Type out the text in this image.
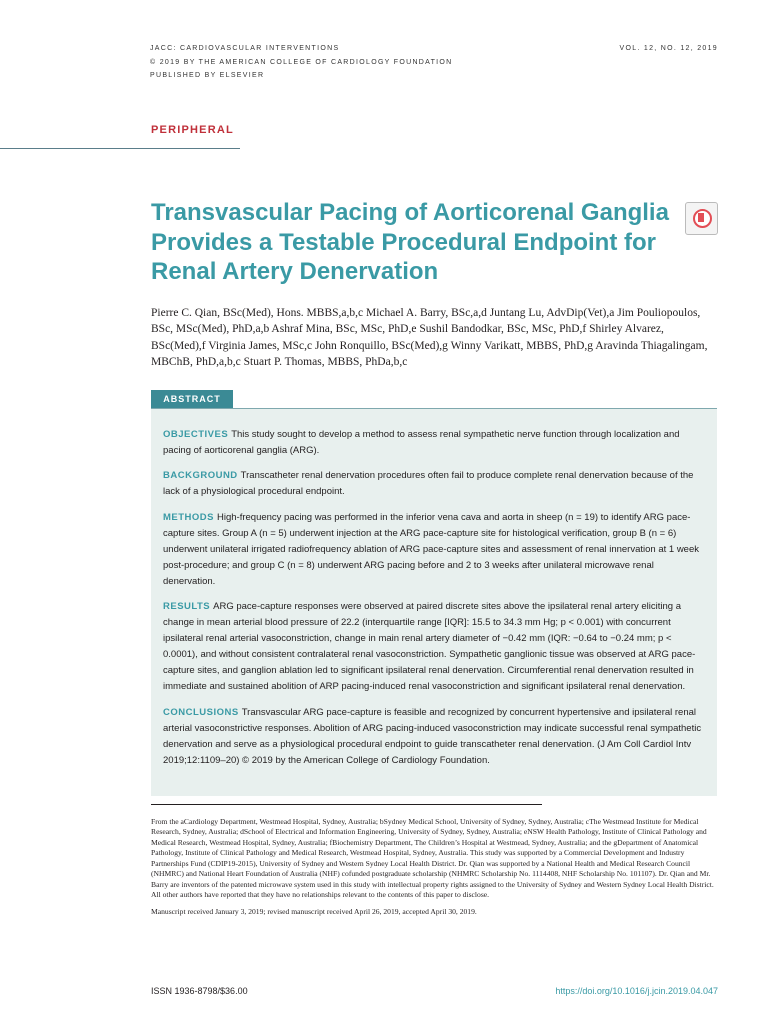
JACC: CARDIOVASCULAR INTERVENTIONS
© 2019 BY THE AMERICAN COLLEGE OF CARDIOLOGY FOUNDATION
PUBLISHED BY ELSEVIER
VOL. 12, NO. 12, 2019
PERIPHERAL
Transvascular Pacing of Aorticorenal Ganglia Provides a Testable Procedural Endpoint for Renal Artery Denervation
Pierre C. Qian, BSc(Med), Hons. MBBS,a,b,c Michael A. Barry, BSc,a,d Juntang Lu, AdvDip(Vet),a Jim Pouliopoulos, BSc, MSc(Med), PhD,a,b Ashraf Mina, BSc, MSc, PhD,e Sushil Bandodkar, BSc, MSc, PhD,f Shirley Alvarez, BSc(Med),f Virginia James, MSc,c John Ronquillo, BSc(Med),g Winny Varikatt, MBBS, PhD,g Aravinda Thiagalingam, MBChB, PhD,a,b,c Stuart P. Thomas, MBBS, PhDa,b,c
ABSTRACT

OBJECTIVES This study sought to develop a method to assess renal sympathetic nerve function through localization and pacing of aorticorenal ganglia (ARG).

BACKGROUND Transcatheter renal denervation procedures often fail to produce complete renal denervation because of the lack of a physiological procedural endpoint.

METHODS High-frequency pacing was performed in the inferior vena cava and aorta in sheep (n = 19) to identify ARG pace-capture sites. Group A (n = 5) underwent injection at the ARG pace-capture site for histological verification, group B (n = 6) underwent unilateral irrigated radiofrequency ablation of ARG pace-capture sites and assessment of renal innervation at 1 week post-procedure; and group C (n = 8) underwent ARG pacing before and 2 to 3 weeks after unilateral microwave renal denervation.

RESULTS ARG pace-capture responses were observed at paired discrete sites above the ipsilateral renal artery eliciting a change in mean arterial blood pressure of 22.2 (interquartile range [IQR]: 15.5 to 34.3 mm Hg; p < 0.001) with concurrent ipsilateral renal arterial vasoconstriction, change in main renal artery diameter of −0.42 mm (IQR: −0.64 to −0.24 mm; p < 0.0001), and without consistent contralateral renal vasoconstriction. Sympathetic ganglionic tissue was observed at ARG pace-capture sites, and ganglion ablation led to significant ipsilateral renal denervation. Circumferential renal denervation resulted in immediate and sustained abolition of ARP pacing-induced renal vasoconstriction and significant ipsilateral renal denervation.

CONCLUSIONS Transvascular ARG pace-capture is feasible and recognized by concurrent hypertensive and ipsilateral renal arterial vasoconstrictive responses. Abolition of ARG pacing-induced vasoconstriction may indicate successful renal sympathetic denervation and serve as a physiological procedural endpoint to guide transcatheter renal denervation. (J Am Coll Cardiol Intv 2019;12:1109–20) © 2019 by the American College of Cardiology Foundation.

From the aCardiology Department, Westmead Hospital, Sydney, Australia; bSydney Medical School, University of Sydney, Sydney, Australia; cThe Westmead Institute for Medical Research, Sydney, Australia; dSchool of Electrical and Information Engineering, University of Sydney, Sydney, Australia; eNSW Health Pathology, Institute of Clinical Pathology and Medical Research, Westmead Hospital, Sydney, Australia; fBiochemistry Department, The Children’s Hospital at Westmead, Sydney, Australia; and the gDepartment of Anatomical Pathology, Institute of Clinical Pathology and Medical Research, Westmead Hospital, Sydney, Australia. This study was supported by a Commercial Development and Industry Partnerships Fund (CDIP19-2015), University of Sydney and Western Sydney Local Health District. Dr. Qian was supported by a National Health and Medical Research Council (NHMRC) and National Heart Foundation of Australia (NHF) cofunded postgraduate scholarship (NHMRC Scholarship No. 1114408, NHF Scholarship No. 101107). Dr. Qian and Mr. Barry are inventors of the patented microwave system used in this study with intellectual property rights assigned to the University of Sydney and Western Sydney Local Health District. All other authors have reported that they have no relationships relevant to the contents of this paper to disclose.

Manuscript received January 3, 2019; revised manuscript received April 26, 2019, accepted April 30, 2019.

ISSN 1936-8798/$36.00	https://doi.org/10.1016/j.jcin.2019.04.047
